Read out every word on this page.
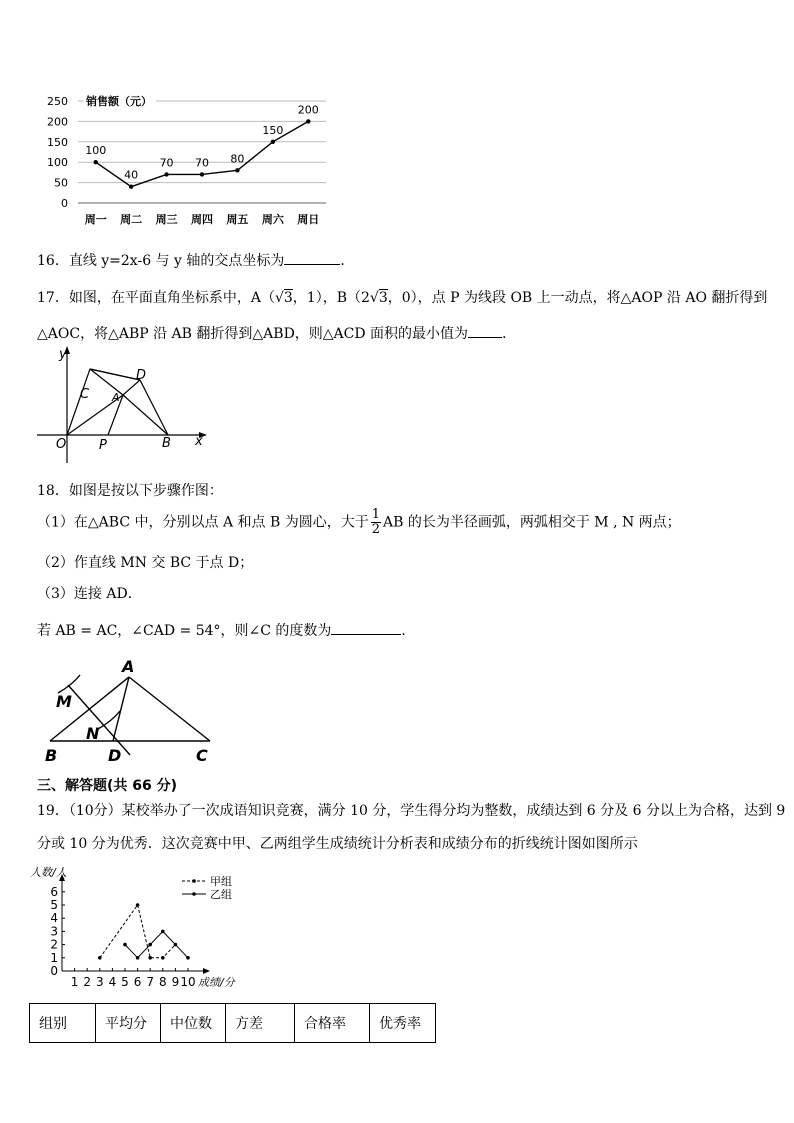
0
50
100
150
200
250 销售额（元）
100
周一
40
周二
70
周三
70
周四
80
周五
150
周六
200
周日
16．直线 y=2x-6 与 y 轴的交点坐标为	．
17．如图，在平面直角坐标系中，A（√3，1），B（2√3，0），点 P 为线段 OB 上一动点，将△AOP 沿 AO 翻折得到
△AOC，将△ABP 沿 AB 翻折得到△ABD，则△ACD 面积的最小值为 ．
y
x
O	P	B
C A
D
18．如图是按以下步骤作图：
（1）在△ABC 中，分别以点 A 和点 B 为圆心，大于 $\frac{1}{2}$ AB 的长为半径画弧，两弧相交于 M , N 两点；
（2）作直线 MN 交 BC 于点 D；
（3）连接 AD．
若 AB = AC，∠CAD = 54°，则∠C 的度数为	．
A
B	C
D
M
N
三、解答题(共 66 分)
19．（10分）某校举办了一次成语知识竞赛，满分 10 分，学生得分均为整数，成绩达到 6 分及 6 分以上为合格，达到 9
分或 10 分为优秀．这次竞赛中甲、乙两组学生成绩统计分析表和成绩分布的折线统计图如图所示
人数/人
成绩/分
0
1
2
3
4
5
6
1 2 3 4 5 6 7 8 9 10
甲组
乙组
组别	平均分	中位数	方差	合格率	优秀率
